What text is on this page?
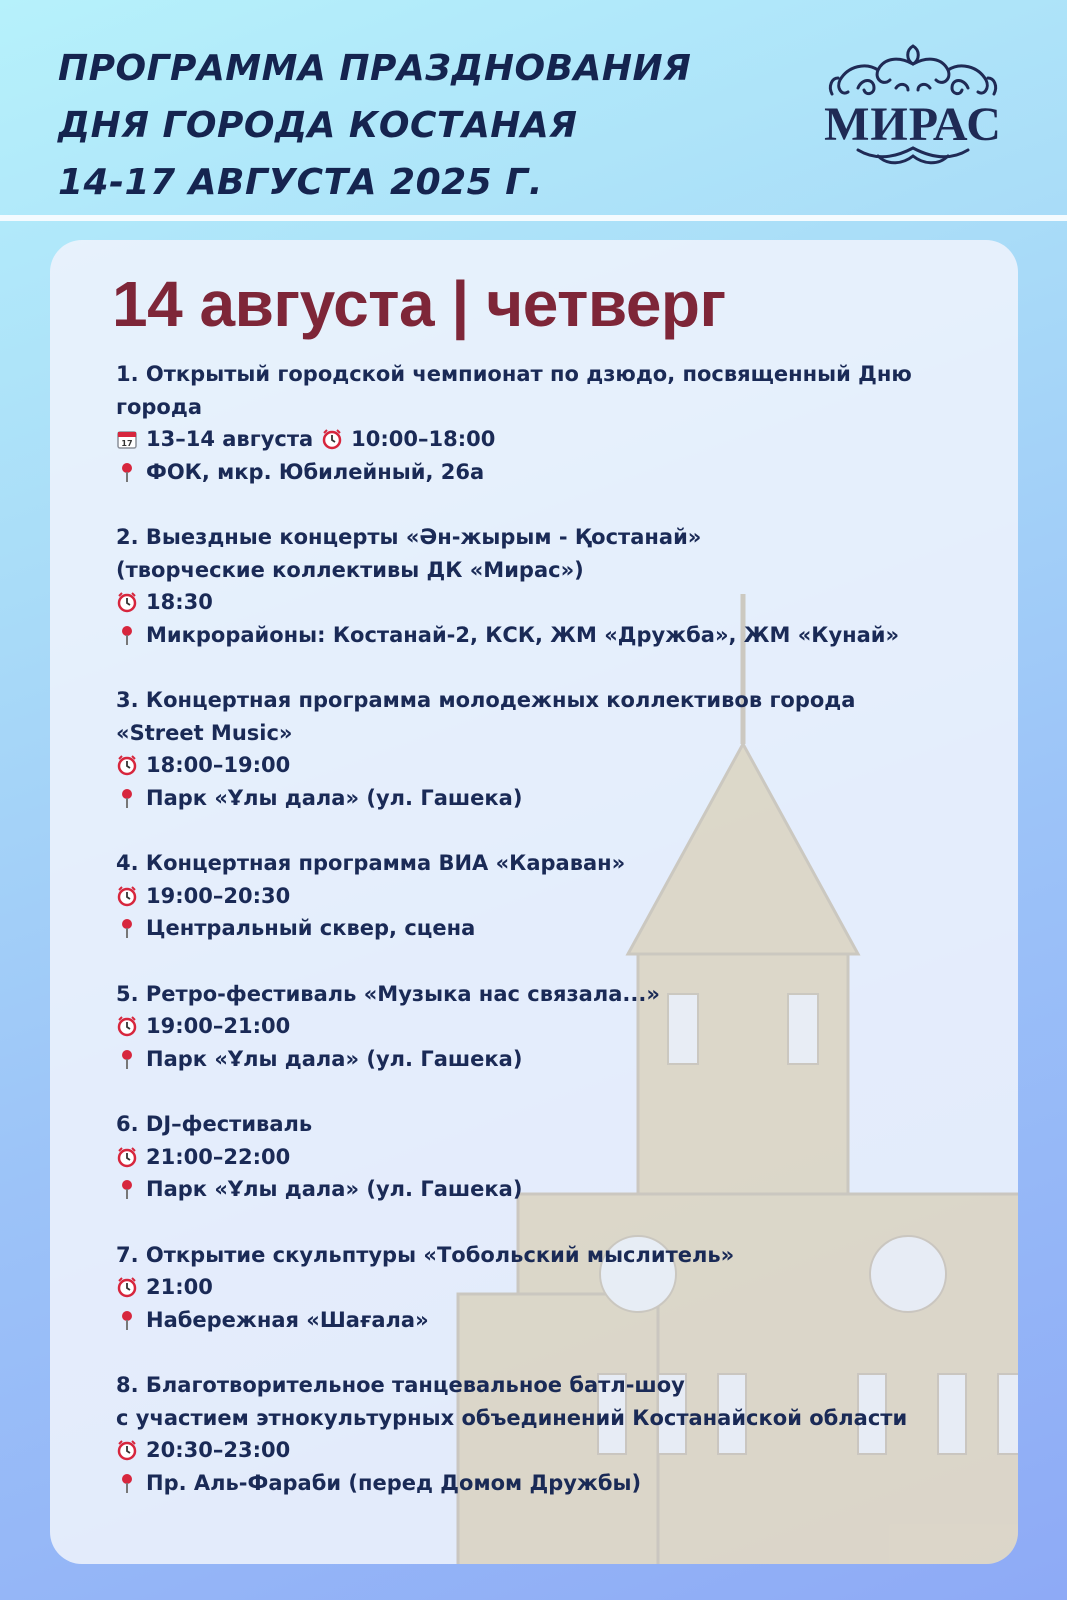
ПРОГРАММА ПРАЗДНОВАНИЯ
ДНЯ ГОРОДА КОСТАНАЯ
14-17 АВГУСТА 2025 Г.
МИРАС
14 августа | четверг
1. Открытый городской чемпионат по дзюдо, посвященный Дню
города
17 13–14 августа 10:00–18:00
ФОК, мкр. Юбилейный, 26а
2. Выездные концерты «Ән-жырым - Қостанай»
(творческие коллективы ДК «Мирас»)
18:30
Микрорайоны: Костанай-2, КСК, ЖМ «Дружба», ЖМ «Кунай»
3. Концертная программа молодежных коллективов города
«Street Music»
18:00–19:00
Парк «Ұлы дала» (ул. Гашека)
4. Концертная программа ВИА «Караван»
19:00–20:30
Центральный сквер, сцена
5. Ретро-фестиваль «Музыка нас связала...»
19:00–21:00
Парк «Ұлы дала» (ул. Гашека)
6. DJ–фестиваль
21:00–22:00
Парк «Ұлы дала» (ул. Гашека)
7. Открытие скульптуры «Тобольский мыслитель»
21:00
Набережная «Шағала»
8. Благотворительное танцевальное батл-шоу
с участием этнокультурных объединений Костанайской области
20:30–23:00
Пр. Аль-Фараби (перед Домом Дружбы)
